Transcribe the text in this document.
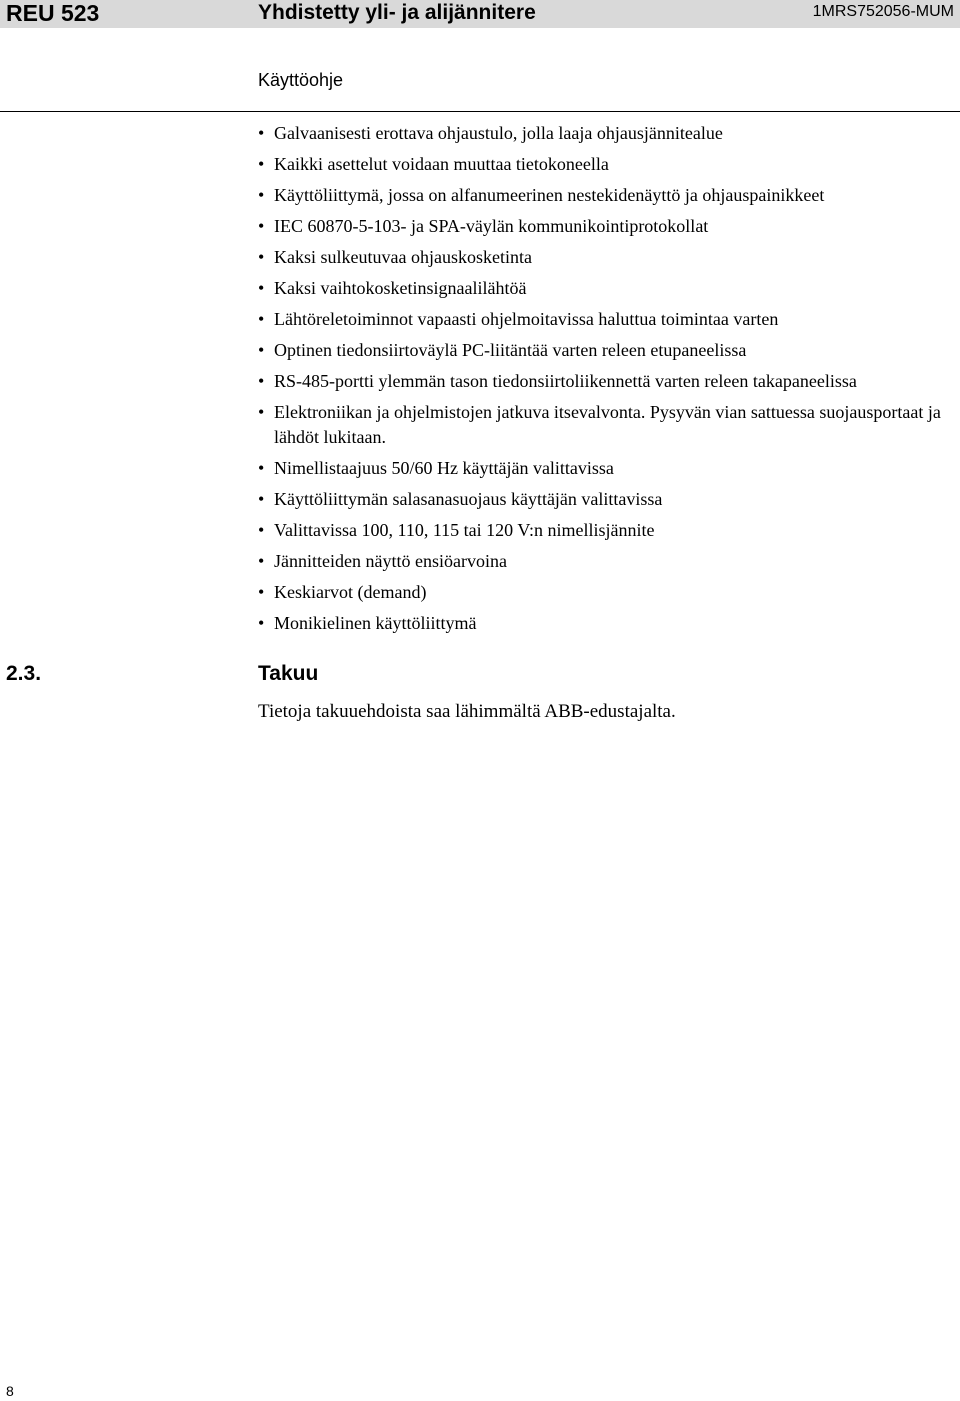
REU 523	Yhdistetty yli- ja alijännitere	1MRS752056-MUM
Käyttöohje
• Galvaanisesti erottava ohjaustulo, jolla laaja ohjausjännitealue
• Kaikki asettelut voidaan muuttaa tietokoneella
• Käyttöliittymä, jossa on alfanumeerinen nestekidenäyttö ja ohjauspainikkeet
• IEC 60870-5-103- ja SPA-väylän kommunikointiprotokollat
• Kaksi sulkeutuvaa ohjauskosketinta
• Kaksi vaihtokosketinsignaalilähtöä
• Lähtöreletoiminnot vapaasti ohjelmoitavissa haluttua toimintaa varten
• Optinen tiedonsiirtoväylä PC-liitäntää varten releen etupaneelissa
• RS-485-portti ylemmän tason tiedonsiirtoliikennettä varten releen takapaneelissa
• Elektroniikan ja ohjelmistojen jatkuva itsevalvonta. Pysyvän vian sattuessa suojausportaat ja lähdöt lukitaan.
• Nimellistaajuus 50/60 Hz käyttäjän valittavissa
• Käyttöliittymän salasanasuojaus käyttäjän valittavissa
• Valittavissa 100, 110, 115 tai 120 V:n nimellisjännite
• Jännitteiden näyttö ensiöarvoina
• Keskiarvot (demand)
• Monikielinen käyttöliittymä
2.3.	Takuu
Tietoja takuuehdoista saa lähimmältä ABB-edustajalta.
8
